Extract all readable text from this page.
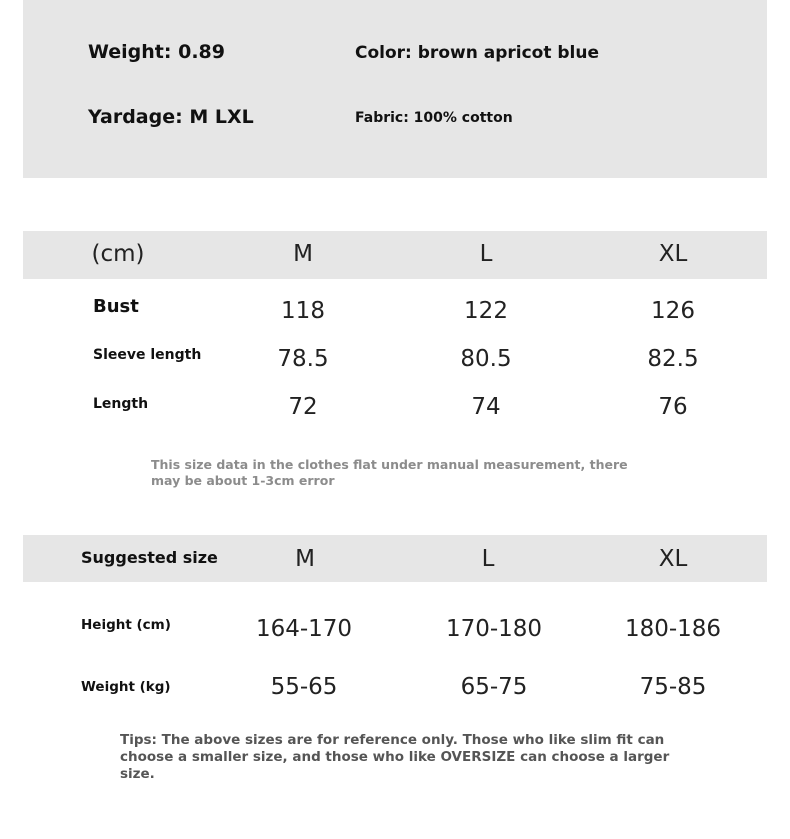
Weight: 0.89	Color: brown apricot blue
Yardage: M LXL	Fabric: 100% cotton
(cm)	M	L	XL
Bust	118	122	126
Sleeve length	78.5	80.5	82.5
Length	72	74	76
This size data in the clothes flat under manual measurement, there may be about 1-3cm error
Suggested size	M	L	XL
Height (cm)	164-170	170-180	180-186
Weight (kg)	55-65	65-75	75-85
Tips: The above sizes are for reference only. Those who like slim fit can choose a smaller size, and those who like OVERSIZE can choose a larger size.
